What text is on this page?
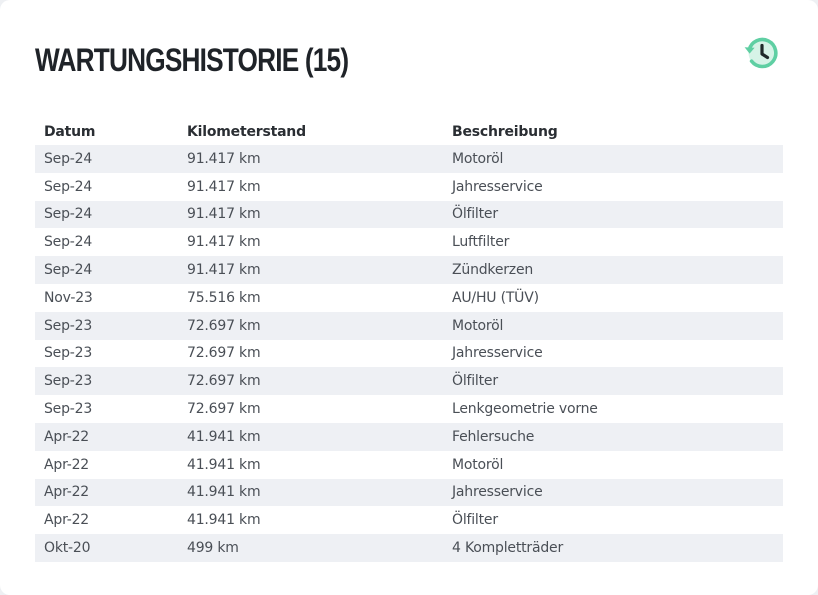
WARTUNGSHISTORIE (15)
Datum	Kilometerstand	Beschreibung
Sep-24	91.417 km	Motoröl
Sep-24	91.417 km	Jahresservice
Sep-24	91.417 km	Ölfilter
Sep-24	91.417 km	Luftfilter
Sep-24	91.417 km	Zündkerzen
Nov-23	75.516 km	AU/HU (TÜV)
Sep-23	72.697 km	Motoröl
Sep-23	72.697 km	Jahresservice
Sep-23	72.697 km	Ölfilter
Sep-23	72.697 km	Lenkgeometrie vorne
Apr-22	41.941 km	Fehlersuche
Apr-22	41.941 km	Motoröl
Apr-22	41.941 km	Jahresservice
Apr-22	41.941 km	Ölfilter
Okt-20	499 km	4 Kompletträder
